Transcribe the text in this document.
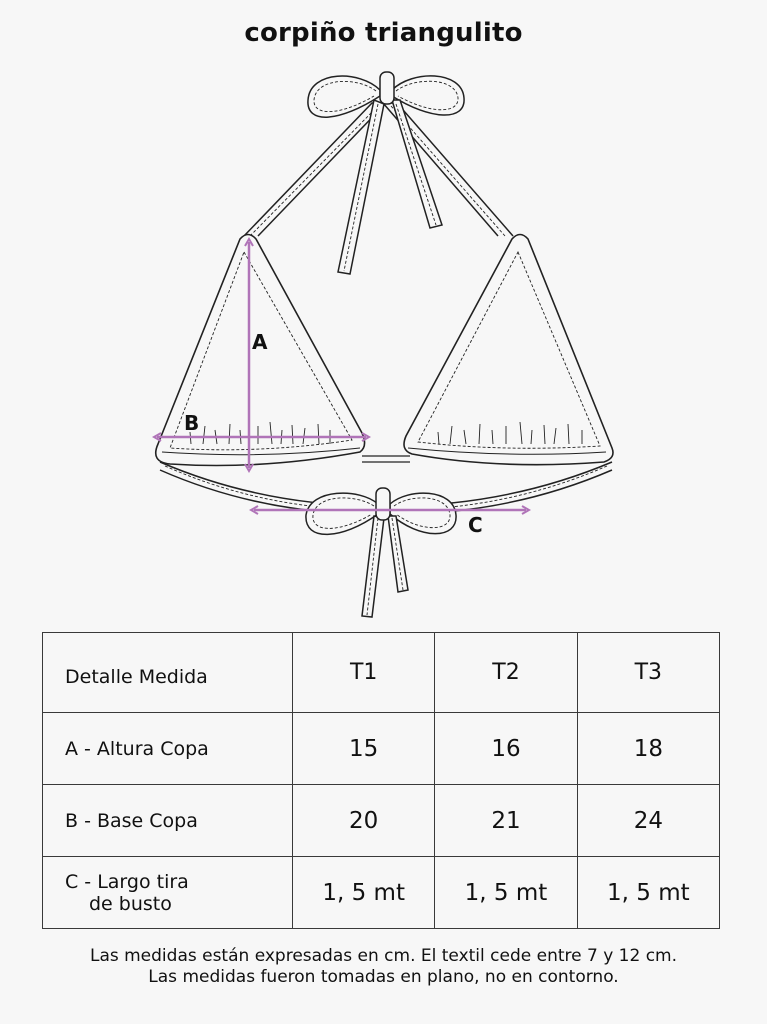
corpiño triangulito
A
B
C
Detalle Medida	T1	T2	T3
A - Altura Copa	15	16	18
B - Base Copa	20	21	24
C - Largo tira
de busto	1, 5 mt	1, 5 mt	1, 5 mt
Las medidas están expresadas en cm. El textil cede entre 7 y 12 cm.
Las medidas fueron tomadas en plano, no en contorno.
